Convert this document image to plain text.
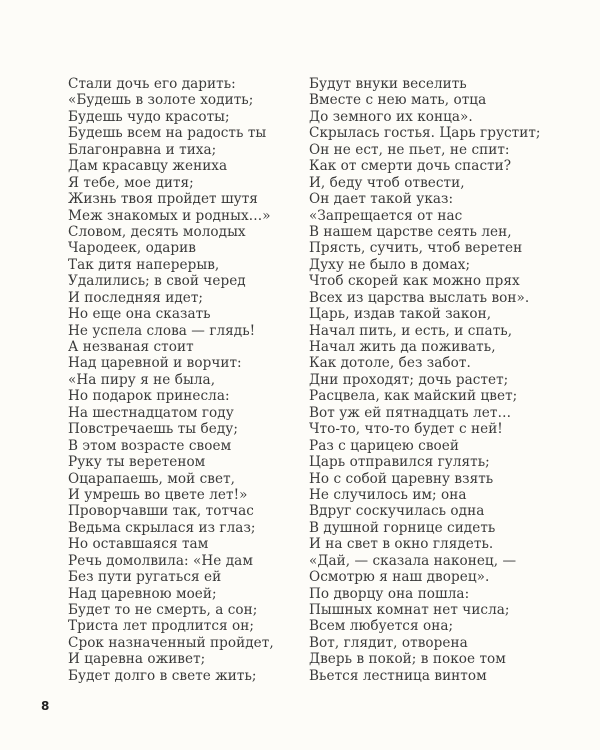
Стали дочь его дарить:
«Будешь в золоте ходить;
Будешь чудо красоты;
Будешь всем на радость ты
Благонравна и тиха;
Дам красавцу жениха
Я тебе, мое дитя;
Жизнь твоя пройдет шутя
Меж знакомых и родных…»
Словом, десять молодых
Чародеек, одарив
Так дитя наперерыв,
Удалились; в свой черед
И последняя идет;
Но еще она сказать
Не успела слова — глядь!
А незваная стоит
Над царевной и ворчит:
«На пиру я не была,
Но подарок принесла:
На шестнадцатом году
Повстречаешь ты беду;
В этом возрасте своем
Руку ты веретеном
Оцарапаешь, мой свет,
И умрешь во цвете лет!»
Проворчавши так, тотчас
Ведьма скрылася из глаз;
Но оставшаяся там
Речь домолвила: «Не дам
Без пути ругаться ей
Над царевною моей;
Будет то не смерть, а сон;
Триста лет продлится он;
Срок назначенный пройдет,
И царевна оживет;
Будет долго в свете жить;
Будут внуки веселить
Вместе с нею мать, отца
До земного их конца».
Скрылась гостья. Царь грустит;
Он не ест, не пьет, не спит:
Как от смерти дочь спасти?
И, беду чтоб отвести,
Он дает такой указ:
«Запрещается от нас
В нашем царстве сеять лен,
Прясть, сучить, чтоб веретен
Духу не было в домах;
Чтоб скорей как можно прях
Всех из царства выслать вон».
Царь, издав такой закон,
Начал пить, и есть, и спать,
Начал жить да поживать,
Как дотоле, без забот.
Дни проходят; дочь растет;
Расцвела, как майский цвет;
Вот уж ей пятнадцать лет…
Что-то, что-то будет с ней!
Раз с царицею своей
Царь отправился гулять;
Но с собой царевну взять
Не случилось им; она
Вдруг соскучилась одна
В душной горнице сидеть
И на свет в окно глядеть.
«Дай, — сказала наконец, —
Осмотрю я наш дворец».
По дворцу она пошла:
Пышных комнат нет числа;
Всем любуется она;
Вот, глядит, отворена
Дверь в покой; в покое том
Вьется лестница винтом
8
